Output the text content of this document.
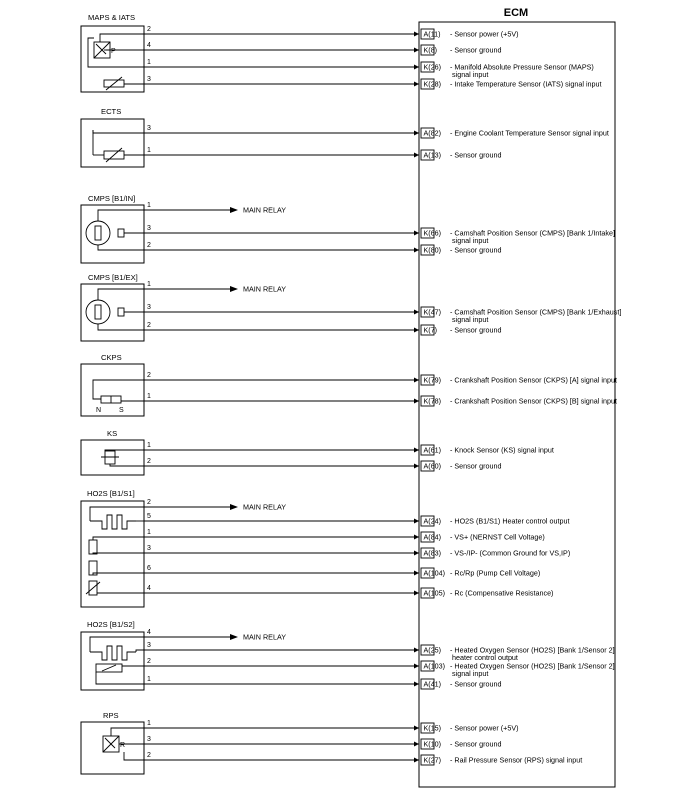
ECM
MAPS & IATS
P
ECTS
CMPS [B1/IN]
CMPS [B1/EX]
CKPS
N	S
KS
HO2S [B1/S1]
HO2S [B1/S2]
RPS
R
2	A(11) - Sensor power (+5V)
4	K(8) - Sensor ground
1	K(26) - Manifold Absolute Pressure Sensor (MAPS)
signal input
3	K(28) - Intake Temperature Sensor (IATS) signal input
3	A(82) - Engine Coolant Temperature Sensor signal input
1	A(13) - Sensor ground
1	MAIN RELAY
3	K(66) - Camshaft Position Sensor (CMPS) [Bank 1/Intake]
signal input
2	K(80) - Sensor ground
1	MAIN RELAY
3	K(47) - Camshaft Position Sensor (CMPS) [Bank 1/Exhaust]
signal input
2	K(7) - Sensor ground
2	K(79) - Crankshaft Position Sensor (CKPS) [A] signal input
1	K(78) - Crankshaft Position Sensor (CKPS) [B] signal input
1	A(61) - Knock Sensor (KS) signal input
2	A(60) - Sensor ground
2	MAIN RELAY
5	A(24) - HO2S (B1/S1) Heater control output
1	A(84) - VS+ (NERNST Cell Voltage)
3	A(83) - VS-/IP- (Common Ground for VS,IP)
6	A(104) - Rc/Rp (Pump Cell Voltage)
4	A(105) - Rc (Compensative Resistance)
4	MAIN RELAY
3	A(25) - Heated Oxygen Sensor (HO2S) [Bank 1/Sensor 2]
heater control output
2	A(103) - Heated Oxygen Sensor (HO2S) [Bank 1/Sensor 2]
signal input
1	A(41) - Sensor ground
1	K(15) - Sensor power (+5V)
3	K(10) - Sensor ground
2	K(27) - Rail Pressure Sensor (RPS) signal input
